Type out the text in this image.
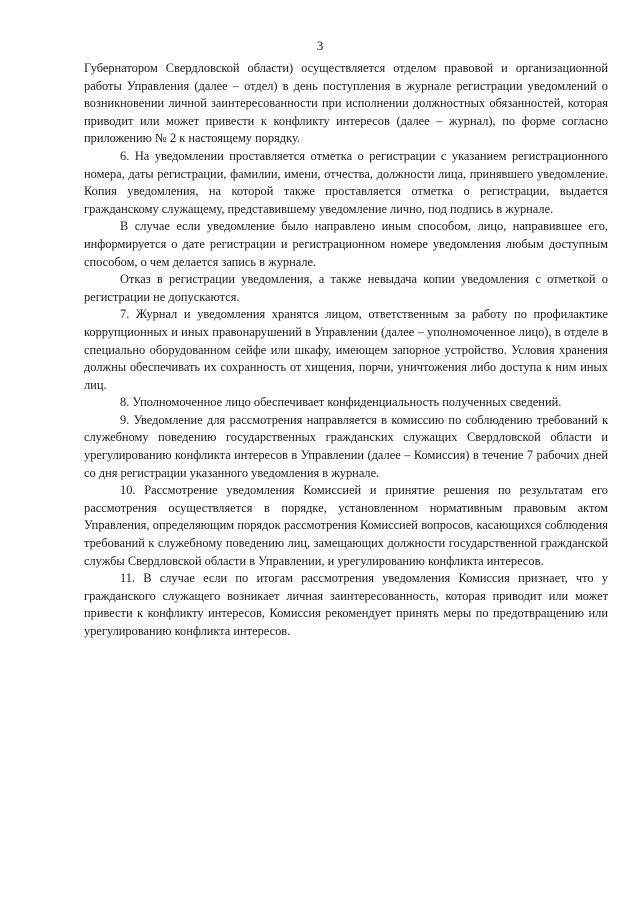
3

Губернатором Свердловской области) осуществляется отделом правовой и организационной работы Управления (далее – отдел) в день поступления в журнале регистрации уведомлений о возникновении личной заинтересованности при исполнении должностных обязанностей, которая приводит или может привести к конфликту интересов (далее – журнал), по форме согласно приложению № 2 к настоящему порядку.

6. На уведомлении проставляется отметка о регистрации с указанием регистрационного номера, даты регистрации, фамилии, имени, отчества, должности лица, принявшего уведомление. Копия уведомления, на которой также проставляется отметка о регистрации, выдается гражданскому служащему, представившему уведомление лично, под подпись в журнале.

В случае если уведомление было направлено иным способом, лицо, направившее его, информируется о дате регистрации и регистрационном номере уведомления любым доступным способом, о чем делается запись в журнале.

Отказ в регистрации уведомления, а также невыдача копии уведомления с отметкой о регистрации не допускаются.

7. Журнал и уведомления хранятся лицом, ответственным за работу по профилактике коррупционных и иных правонарушений в Управлении (далее – уполномоченное лицо), в отделе в специально оборудованном сейфе или шкафу, имеющем запорное устройство. Условия хранения должны обеспечивать их сохранность от хищения, порчи, уничтожения либо доступа к ним иных лиц.

8. Уполномоченное лицо обеспечивает конфиденциальность полученных сведений.

9. Уведомление для рассмотрения направляется в комиссию по соблюдению требований к служебному поведению государственных гражданских служащих Свердловской области и урегулированию конфликта интересов в Управлении (далее – Комиссия) в течение 7 рабочих дней со дня регистрации указанного уведомления в журнале.

10. Рассмотрение уведомления Комиссией и принятие решения по результатам его рассмотрения осуществляется в порядке, установленном нормативным правовым актом Управления, определяющим порядок рассмотрения Комиссией вопросов, касающихся соблюдения требований к служебному поведению лиц, замещающих должности государственной гражданской службы Свердловской области в Управлении, и урегулированию конфликта интересов.

11. В случае если по итогам рассмотрения уведомления Комиссия признает, что у гражданского служащего возникает личная заинтересованность, которая приводит или может привести к конфликту интересов, Комиссия рекомендует принять меры по предотвращению или урегулированию конфликта интересов.
